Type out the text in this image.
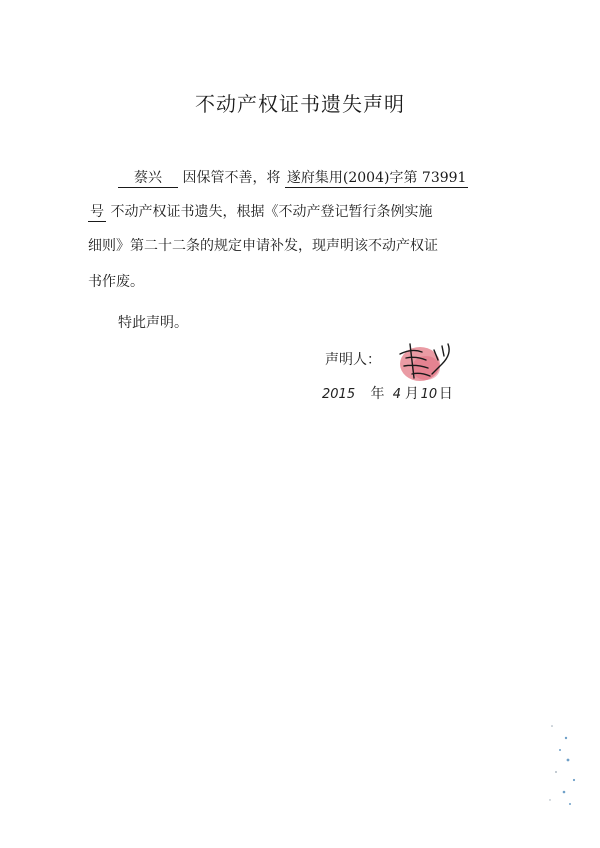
不动产权证书遗失声明
蔡兴 因保管不善，将 遂府集用(2004)字第 73991
号 不动产权证书遗失，根据《不动产登记暂行条例实施
细则》第二十二条的规定申请补发，现声明该不动产权证
书作废。
特此声明。
声明人：
2015 年 4 月 10 日
